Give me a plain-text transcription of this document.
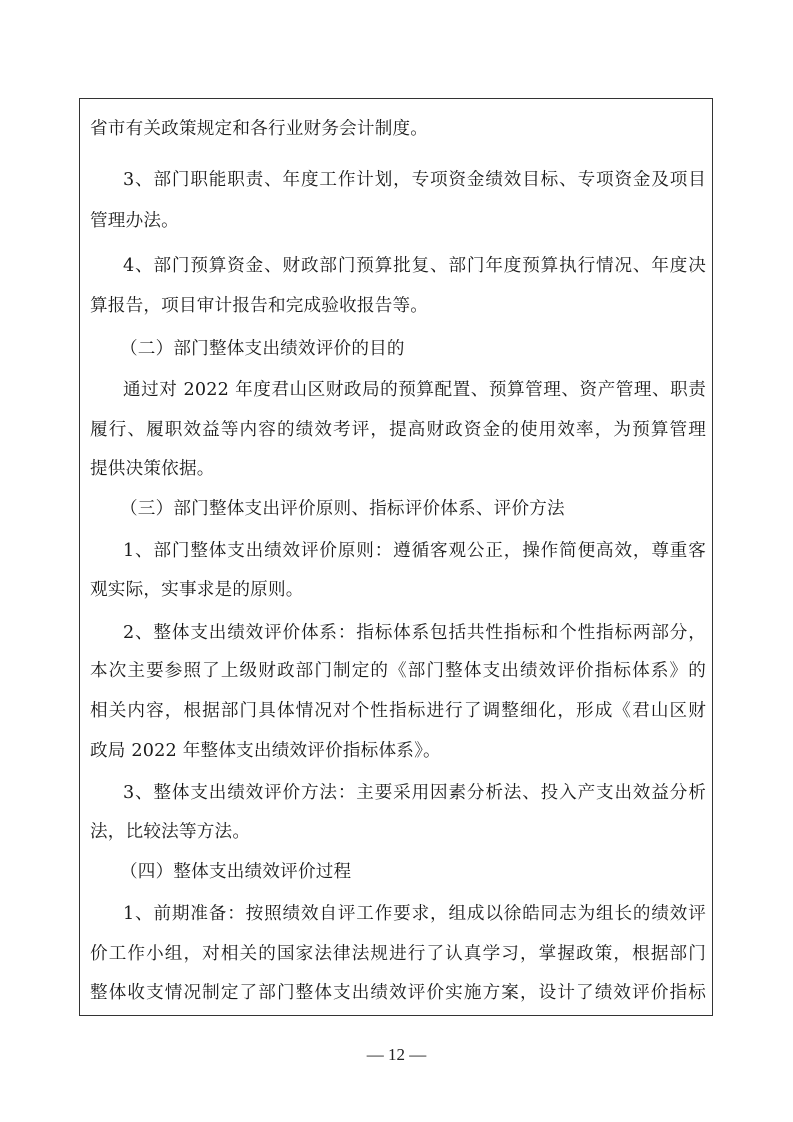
省市有关政策规定和各行业财务会计制度。
3、部门职能职责、年度工作计划，专项资金绩效目标、专项资金及项目
管理办法。
4、部门预算资金、财政部门预算批复、部门年度预算执行情况、年度决
算报告，项目审计报告和完成验收报告等。
（二）部门整体支出绩效评价的目的
通过对 2022 年度君山区财政局的预算配置、预算管理、资产管理、职责
履行、履职效益等内容的绩效考评，提高财政资金的使用效率，为预算管理
提供决策依据。
（三）部门整体支出评价原则、指标评价体系、评价方法
1、部门整体支出绩效评价原则：遵循客观公正，操作简便高效，尊重客
观实际，实事求是的原则。
2、整体支出绩效评价体系：指标体系包括共性指标和个性指标两部分，
本次主要参照了上级财政部门制定的《部门整体支出绩效评价指标体系》的
相关内容，根据部门具体情况对个性指标进行了调整细化，形成《君山区财
政局 2022 年整体支出绩效评价指标体系》。
3、整体支出绩效评价方法：主要采用因素分析法、投入产支出效益分析
法，比较法等方法。
（四）整体支出绩效评价过程
1、前期准备：按照绩效自评工作要求，组成以徐皓同志为组长的绩效评
价工作小组，对相关的国家法律法规进行了认真学习，掌握政策，根据部门
整体收支情况制定了部门整体支出绩效评价实施方案，设计了绩效评价指标
— 12 —
